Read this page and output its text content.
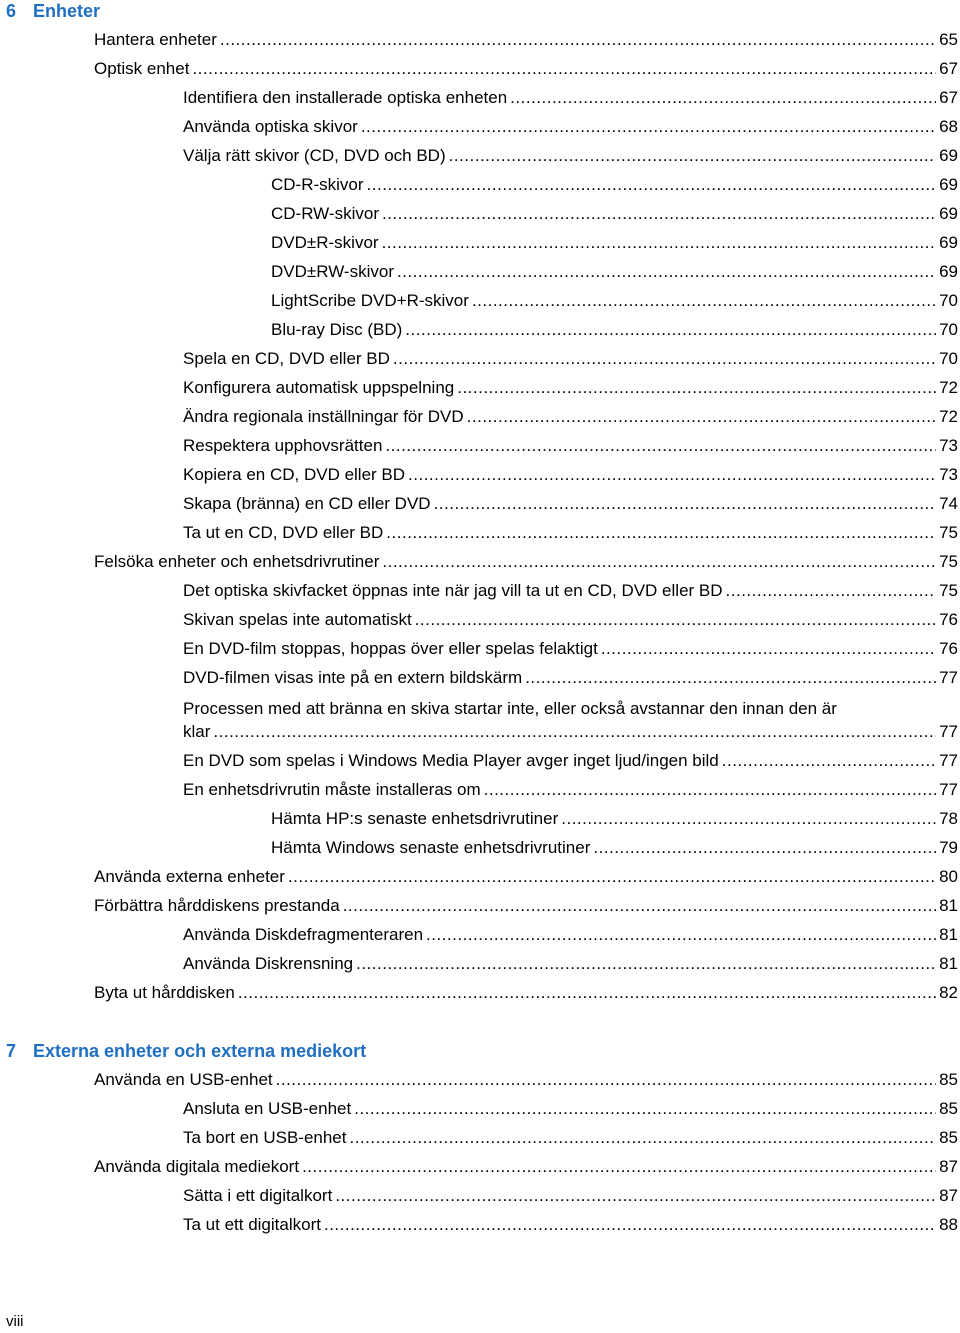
6 Enheter
Hantera enheter .....	65
Optisk enhet .....	67
Identifiera den installerade optiska enheten .....	67
Använda optiska skivor .....	68
Välja rätt skivor (CD, DVD och BD) .....	69
CD-R-skivor .....	69
CD-RW-skivor .....	69
DVD±R-skivor .....	69
DVD±RW-skivor .....	69
LightScribe DVD+R-skivor .....	70
Blu-ray Disc (BD) .....	70
Spela en CD, DVD eller BD .....	70
Konfigurera automatisk uppspelning .....	72
Ändra regionala inställningar för DVD .....	72
Respektera upphovsrätten .....	73
Kopiera en CD, DVD eller BD .....	73
Skapa (bränna) en CD eller DVD .....	74
Ta ut en CD, DVD eller BD .....	75
Felsöka enheter och enhetsdrivrutiner .....	75
Det optiska skivfacket öppnas inte när jag vill ta ut en CD, DVD eller BD .....	75
Skivan spelas inte automatiskt .....	76
En DVD-film stoppas, hoppas över eller spelas felaktigt .....	76
DVD-filmen visas inte på en extern bildskärm .....	77
Processen med att bränna en skiva startar inte, eller också avstannar den innan den är
klar .....	77
En DVD som spelas i Windows Media Player avger inget ljud/ingen bild .....	77
En enhetsdrivrutin måste installeras om .....	77
Hämta HP:s senaste enhetsdrivrutiner .....	78
Hämta Windows senaste enhetsdrivrutiner .....	79
Använda externa enheter .....	80
Förbättra hårddiskens prestanda .....	81
Använda Diskdefragmenteraren .....	81
Använda Diskrensning .....	81
Byta ut hårddisken .....	82
7 Externa enheter och externa mediekort
Använda en USB-enhet .....	85
Ansluta en USB-enhet .....	85
Ta bort en USB-enhet .....	85
Använda digitala mediekort .....	87
Sätta i ett digitalkort .....	87
Ta ut ett digitalkort .....	88
viii
